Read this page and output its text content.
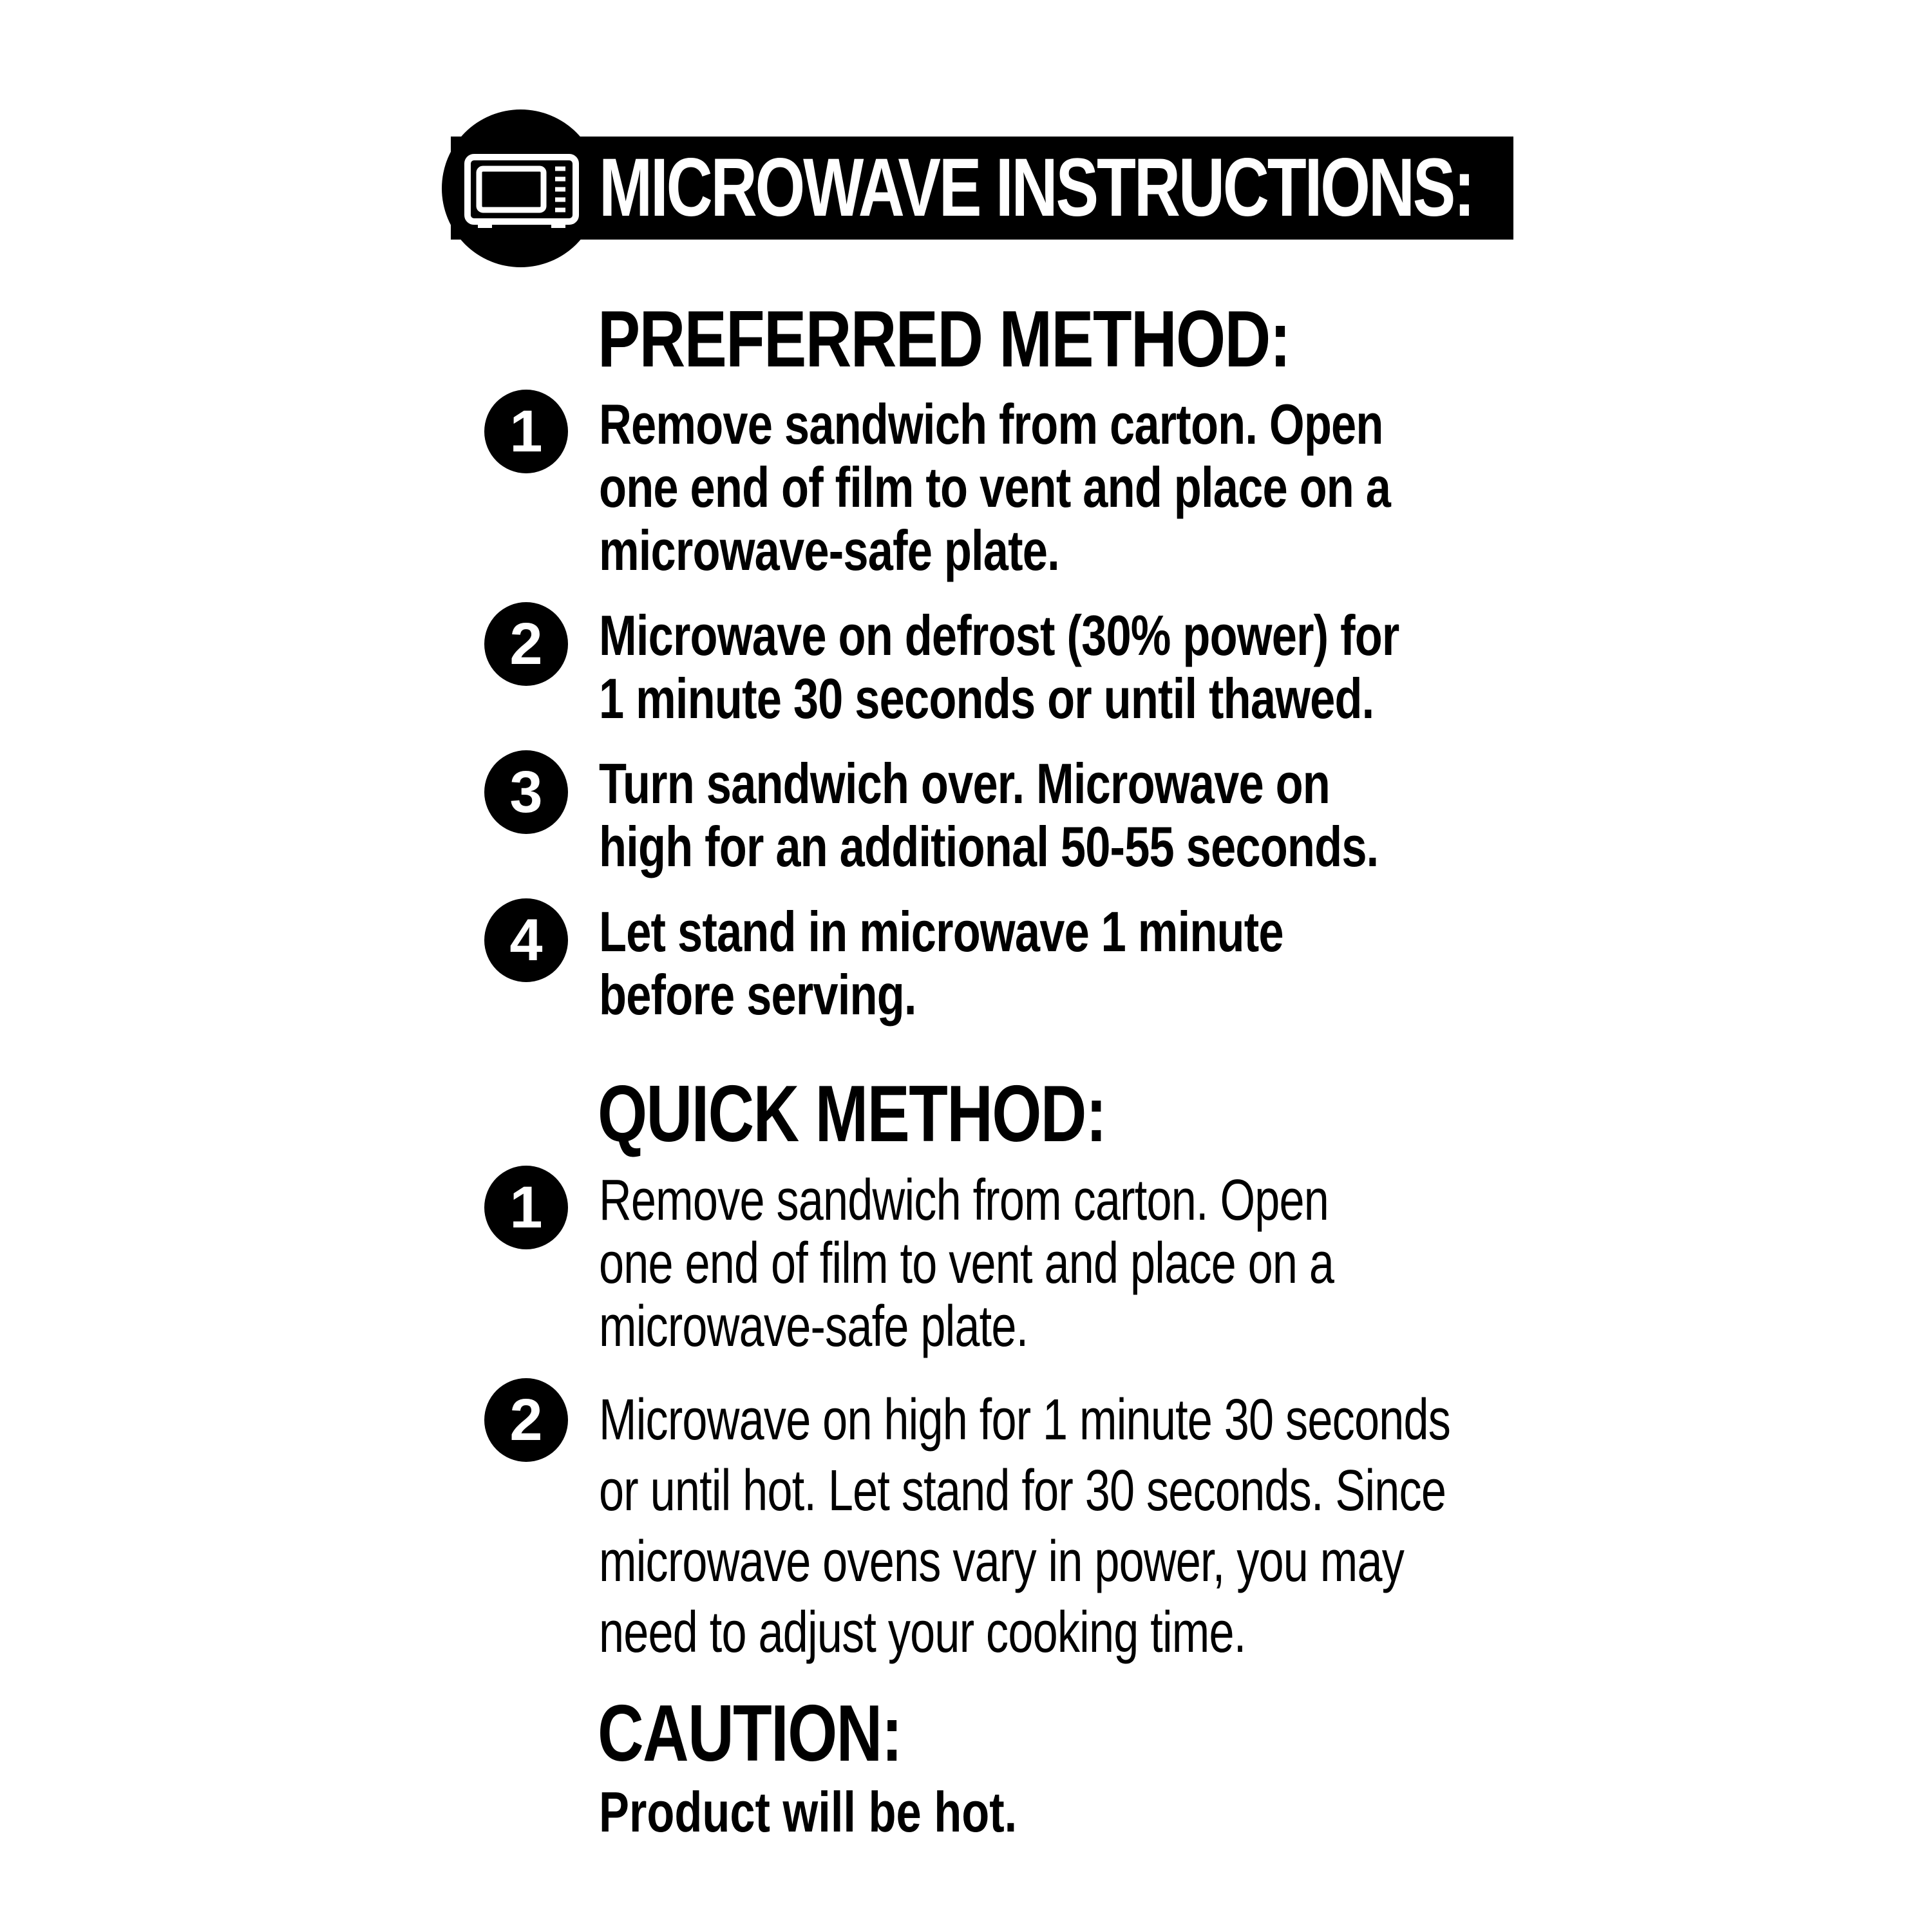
MICROWAVE INSTRUCTIONS:
PREFERRED METHOD:
1 Remove sandwich from carton. Open
one end of film to vent and place on a
microwave-safe plate.
2 Microwave on defrost (30% power) for
1 minute 30 seconds or until thawed.
3 Turn sandwich over. Microwave on
high for an additional 50-55 seconds.
4 Let stand in microwave 1 minute
before serving.
QUICK METHOD:
1 Remove sandwich from carton. Open
one end of film to vent and place on a
microwave-safe plate.
2 Microwave on high for 1 minute 30 seconds
or until hot. Let stand for 30 seconds. Since
microwave ovens vary in power, you may
need to adjust your cooking time.
CAUTION:
Product will be hot.
